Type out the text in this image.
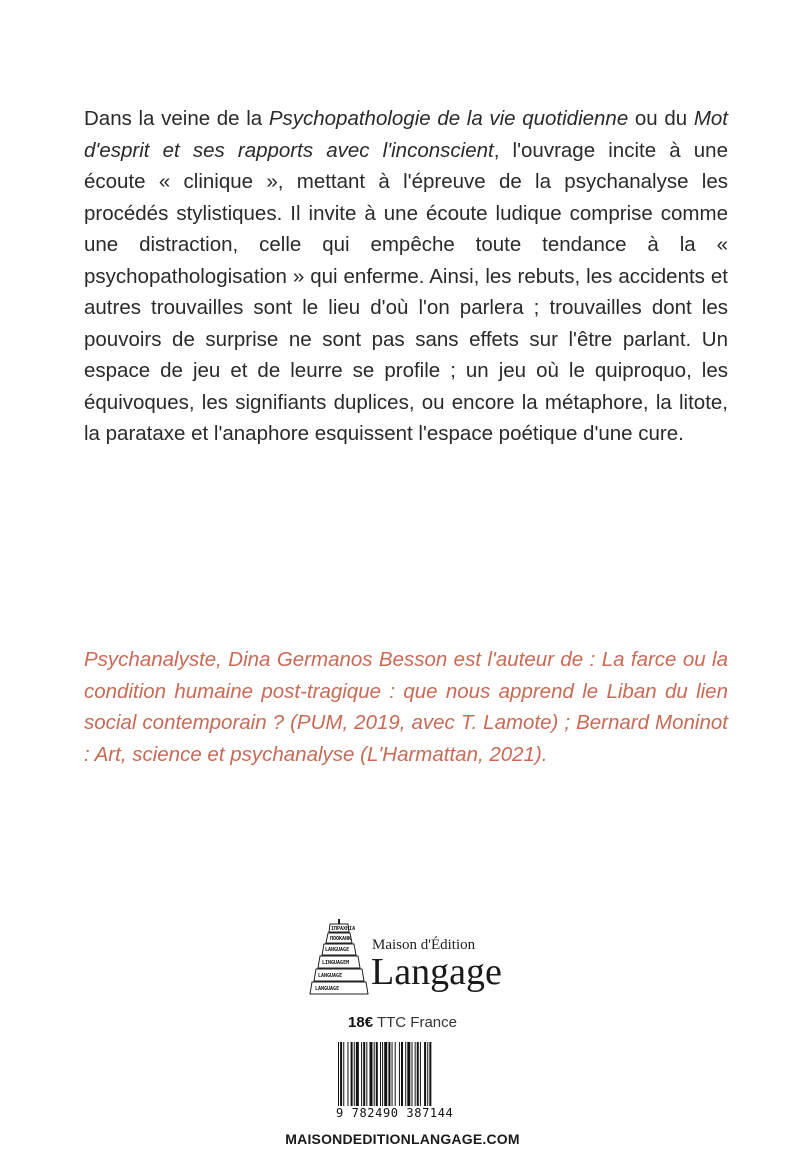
Dans la veine de la Psychopathologie de la vie quotidienne ou du Mot d'esprit et ses rapports avec l'inconscient, l'ouvrage incite à une écoute « clinique », mettant à l'épreuve de la psychanalyse les procédés stylistiques. Il invite à une écoute ludique comprise comme une distraction, celle qui empêche toute tendance à la « psychopathologisation » qui enferme. Ainsi, les rebuts, les accidents et autres trouvailles sont le lieu d'où l'on parlera ; trouvailles dont les pouvoirs de surprise ne sont pas sans effets sur l'être parlant. Un espace de jeu et de leurre se profile ; un jeu où le quiproquo, les équivoques, les signifiants duplices, ou encore la métaphore, la litote, la parataxe et l'anaphore esquissent l'espace poétique d'une cure.

Psychanalyste, Dina Germanos Besson est l'auteur de : La farce ou la condition humaine post-tragique : que nous apprend le Liban du lien social contemporain ? (PUM, 2019, avec T. Lamote) ; Bernard Moninot : Art, science et psychanalyse (L'Harmattan, 2021).

ΙΠΡΑΧΗΙΑ
ΠΟΟΚΑΝΚ
LANGUAGE
LINGUAGEM
LANGUAGE
LANGUAGE
Maison d'Édition
Langage
18€ TTC France
9 782490 387144
MAISONDEDITIONLANGAGE.COM
